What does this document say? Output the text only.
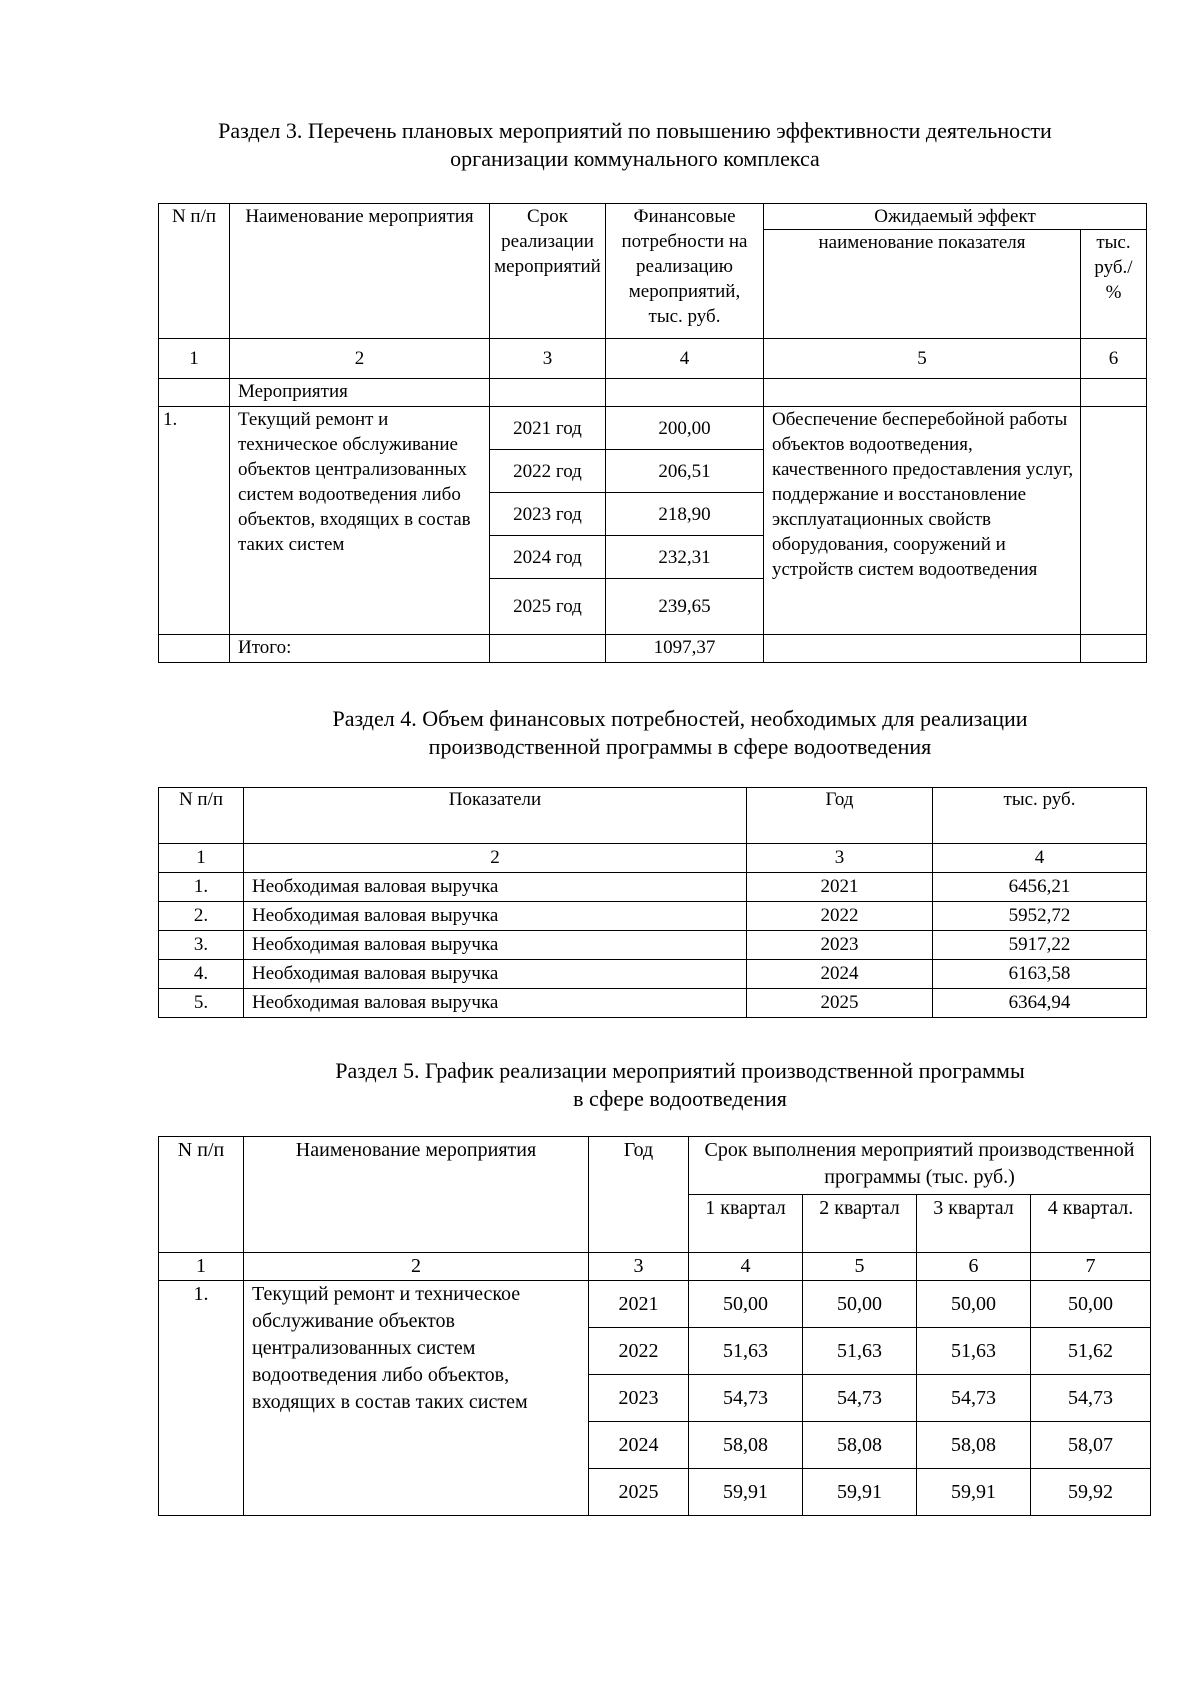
Раздел 3. Перечень плановых мероприятий по повышению эффективности деятельности
организации коммунального комплекса
N п/п	Наименование мероприятия	Срок реализации мероприятий	Финансовые потребности на реализацию мероприятий, тыс. руб.	Ожидаемый эффект	
				наименование показателя	тыс. руб./ %
1	2	3	4	5	6
	Мероприятия				
1.	Текущий ремонт и техническое обслуживание объектов централизованных систем водоотведения либо объектов, входящих в состав таких систем	2021 год	200,00	Обеспечение бесперебойной работы объектов водоотведения, качественного предоставления услуг, поддержание и восстановление эксплуатационных свойств оборудования, сооружений и устройств систем водоотведения	
		2022 год	206,51		
		2023 год	218,90		
		2024 год	232,31		
		2025 год	239,65		
	Итого:		1097,37		
Раздел 4. Объем финансовых потребностей, необходимых для реализации
производственной программы в сфере водоотведения
N п/п	Показатели	Год	тыс. руб.
1	2	3	4
1.	Необходимая валовая выручка	2021	6456,21
2.	Необходимая валовая выручка	2022	5952,72
3.	Необходимая валовая выручка	2023	5917,22
4.	Необходимая валовая выручка	2024	6163,58
5.	Необходимая валовая выручка	2025	6364,94
Раздел 5. График реализации мероприятий производственной программы
в сфере водоотведения
N п/п	Наименование мероприятия	Год	Срок выполнения мероприятий производственной программы (тыс. руб.)			
			1 квартал	2 квартал	3 квартал	4 квартал.
1	2	3	4	5	6	7
1.	Текущий ремонт и техническое обслуживание объектов централизованных систем водоотведения либо объектов, входящих в состав таких систем	2021	50,00	50,00	50,00	50,00
		2022	51,63	51,63	51,63	51,62
		2023	54,73	54,73	54,73	54,73
		2024	58,08	58,08	58,08	58,07
		2025	59,91	59,91	59,91	59,92
